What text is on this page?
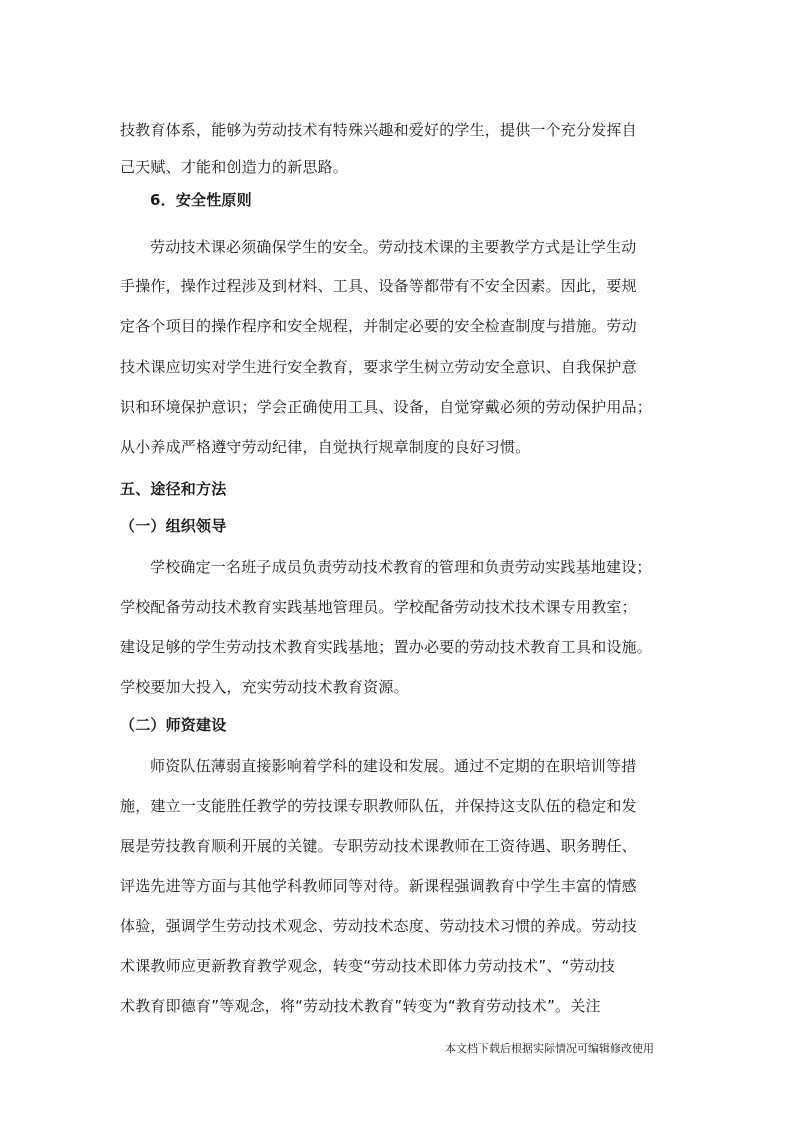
技教育体系，能够为劳动技术有特殊兴趣和爱好的学生，提供一个充分发挥自
己天赋、才能和创造力的新思路。
6．安全性原则
劳动技术课必须确保学生的安全。劳动技术课的主要教学方式是让学生动
手操作，操作过程涉及到材料、工具、设备等都带有不安全因素。因此，要规
定各个项目的操作程序和安全规程，并制定必要的安全检查制度与措施。劳动
技术课应切实对学生进行安全教育，要求学生树立劳动安全意识、自我保护意
识和环境保护意识；学会正确使用工具、设备，自觉穿戴必须的劳动保护用品；
从小养成严格遵守劳动纪律，自觉执行规章制度的良好习惯。
五、途径和方法
（一）组织领导
学校确定一名班子成员负责劳动技术教育的管理和负责劳动实践基地建设；
学校配备劳动技术教育实践基地管理员。学校配备劳动技术技术课专用教室；
建设足够的学生劳动技术教育实践基地；置办必要的劳动技术教育工具和设施。
学校要加大投入，充实劳动技术教育资源。
（二）师资建设
师资队伍薄弱直接影响着学科的建设和发展。通过不定期的在职培训等措
施，建立一支能胜任教学的劳技课专职教师队伍，并保持这支队伍的稳定和发
展是劳技教育顺利开展的关键。专职劳动技术课教师在工资待遇、职务聘任、
评选先进等方面与其他学科教师同等对待。新课程强调教育中学生丰富的情感
体验，强调学生劳动技术观念、劳动技术态度、劳动技术习惯的养成。劳动技
术课教师应更新教育教学观念，转变“劳动技术即体力劳动技术”、“劳动技
术教育即德育”等观念，将“劳动技术教育”转变为“教育劳动技术”。关注
本文档下载后根据实际情况可编辑修改使用
